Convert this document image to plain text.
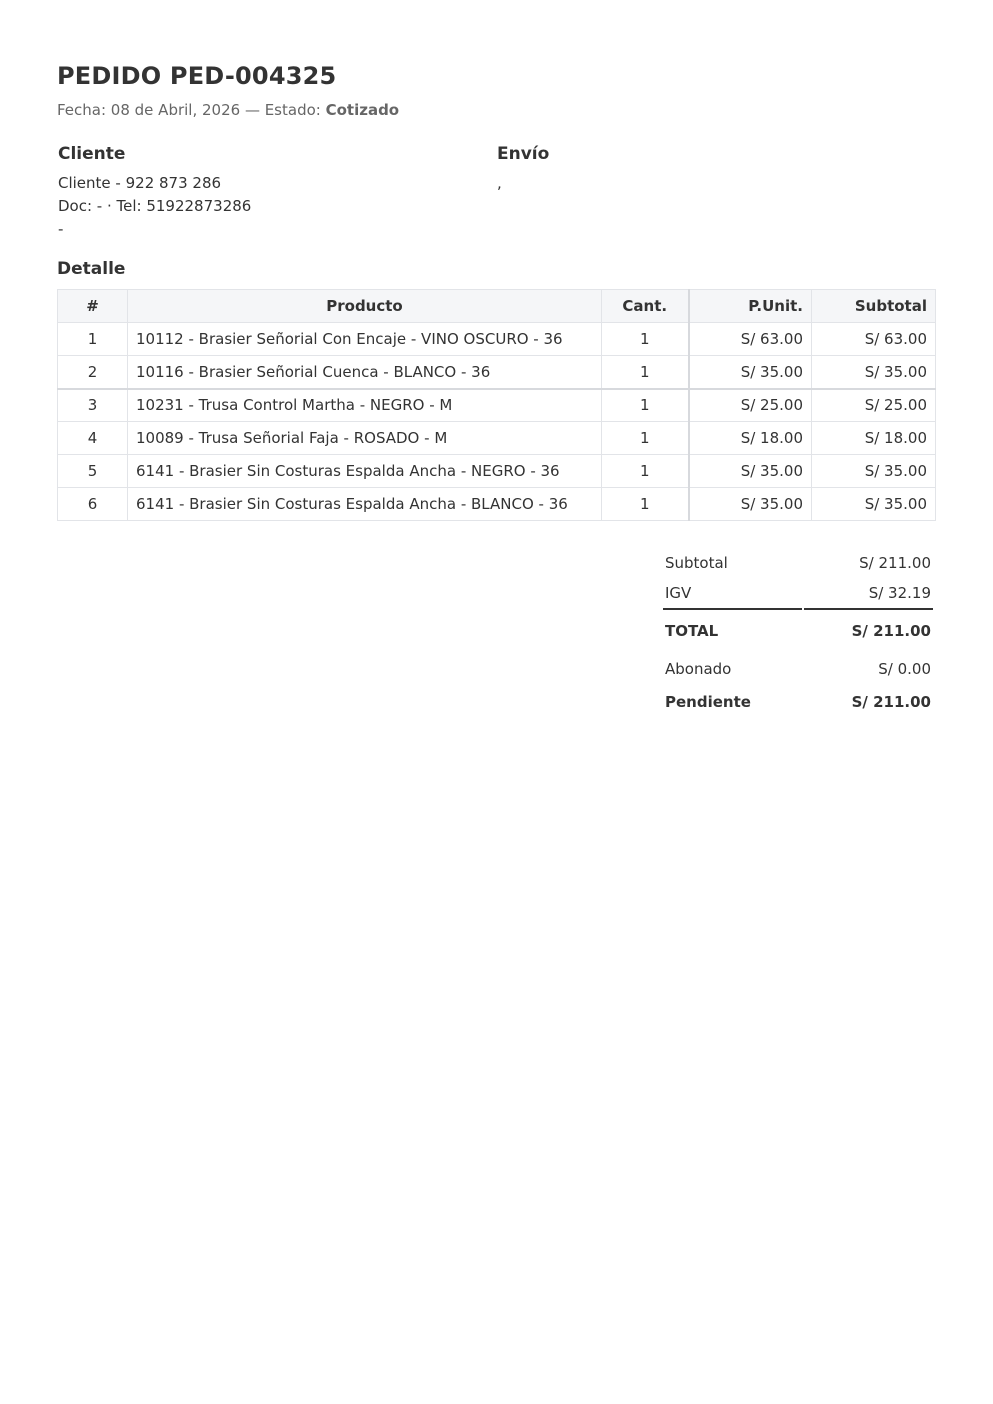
PEDIDO PED-004325
Fecha: 08 de Abril, 2026 — Estado: Cotizado
Cliente
Cliente - 922 873 286
Doc: - · Tel: 51922873286
-
Envío
,
Detalle
#	Producto	Cant.	P.Unit.	Subtotal
1	10112 - Brasier Señorial Con Encaje - VINO OSCURO - 36	1	S/ 63.00	S/ 63.00
2	10116 - Brasier Señorial Cuenca - BLANCO - 36	1	S/ 35.00	S/ 35.00
3	10231 - Trusa Control Martha - NEGRO - M	1	S/ 25.00	S/ 25.00
4	10089 - Trusa Señorial Faja - ROSADO - M	1	S/ 18.00	S/ 18.00
5	6141 - Brasier Sin Costuras Espalda Ancha - NEGRO - 36	1	S/ 35.00	S/ 35.00
6	6141 - Brasier Sin Costuras Espalda Ancha - BLANCO - 36	1	S/ 35.00	S/ 35.00
Subtotal	S/ 211.00
IGV	S/ 32.19
TOTAL	S/ 211.00
Abonado	S/ 0.00
Pendiente	S/ 211.00
